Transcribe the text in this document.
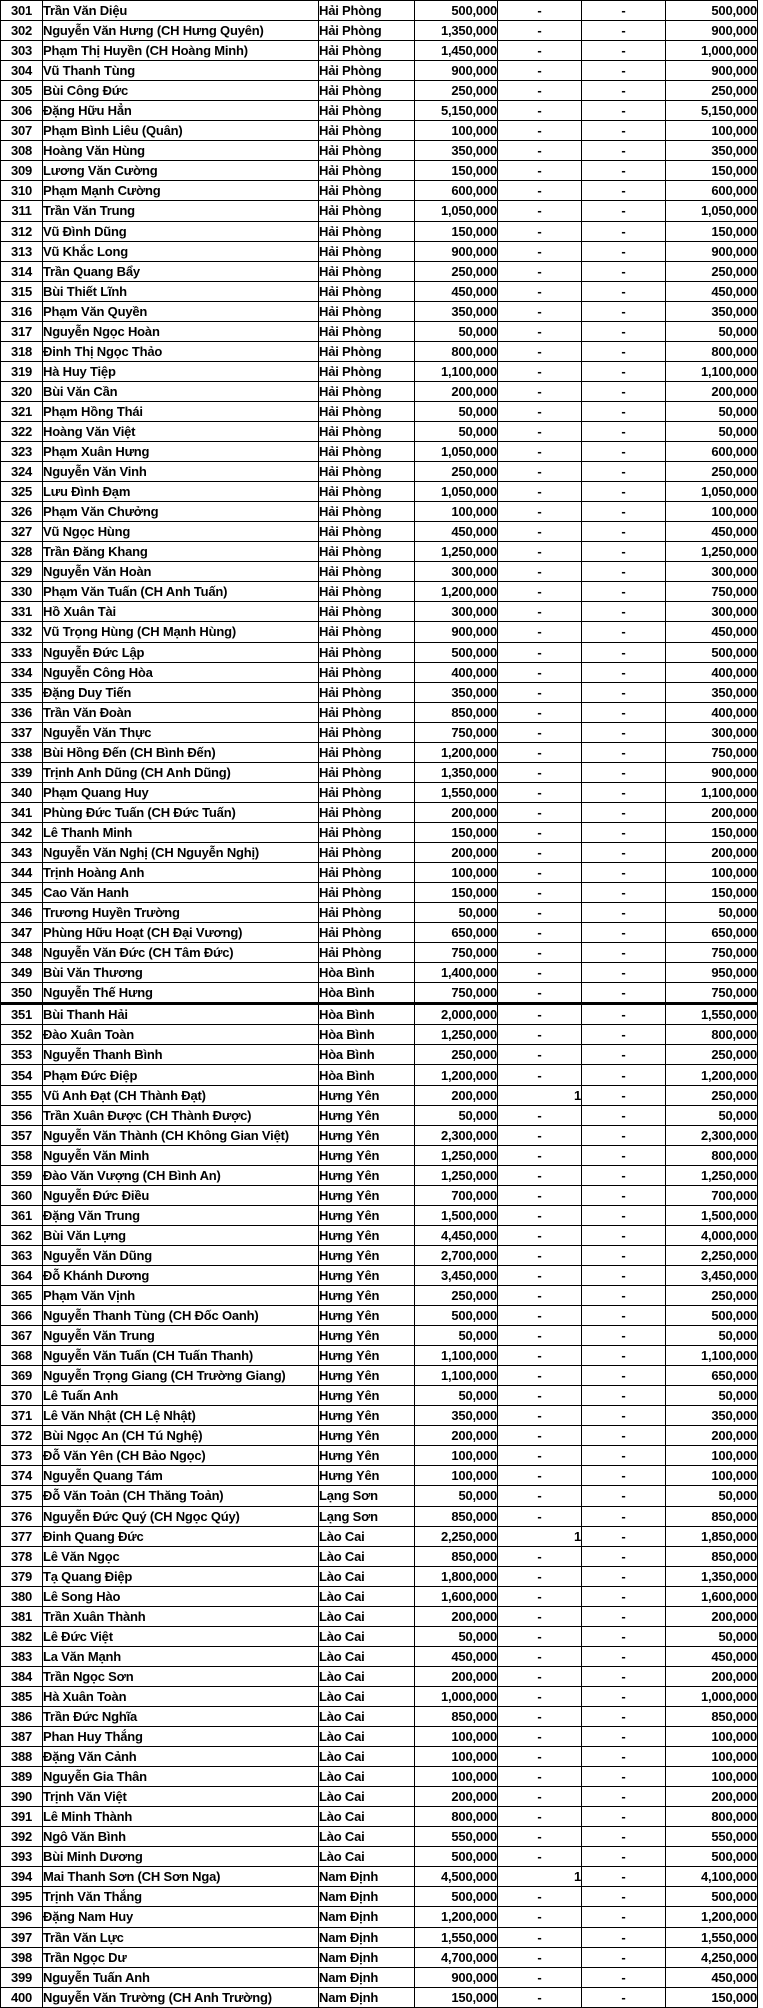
301	Trần Văn Diệu	Hải Phòng	500,000	-	-	500,000
302	Nguyễn Văn Hưng (CH Hưng Quyên)	Hải Phòng	1,350,000	-	-	900,000
303	Phạm Thị Huyền (CH Hoàng Minh)	Hải Phòng	1,450,000	-	-	1,000,000
304	Vũ Thanh Tùng	Hải Phòng	900,000	-	-	900,000
305	Bùi Công Đức	Hải Phòng	250,000	-	-	250,000
306	Đặng Hữu Hẳn	Hải Phòng	5,150,000	-	-	5,150,000
307	Phạm Bình Liêu (Quân)	Hải Phòng	100,000	-	-	100,000
308	Hoàng Văn Hùng	Hải Phòng	350,000	-	-	350,000
309	Lương Văn Cường	Hải Phòng	150,000	-	-	150,000
310	Phạm Mạnh Cường	Hải Phòng	600,000	-	-	600,000
311	Trần Văn Trung	Hải Phòng	1,050,000	-	-	1,050,000
312	Vũ Đình Dũng	Hải Phòng	150,000	-	-	150,000
313	Vũ Khắc Long	Hải Phòng	900,000	-	-	900,000
314	Trần Quang Bẩy	Hải Phòng	250,000	-	-	250,000
315	Bùi Thiết Lĩnh	Hải Phòng	450,000	-	-	450,000
316	Phạm Văn Quyền	Hải Phòng	350,000	-	-	350,000
317	Nguyễn Ngọc Hoàn	Hải Phòng	50,000	-	-	50,000
318	Đinh Thị Ngọc Thảo	Hải Phòng	800,000	-	-	800,000
319	Hà Huy Tiệp	Hải Phòng	1,100,000	-	-	1,100,000
320	Bùi Văn Cần	Hải Phòng	200,000	-	-	200,000
321	Phạm Hồng Thái	Hải Phòng	50,000	-	-	50,000
322	Hoàng Văn Việt	Hải Phòng	50,000	-	-	50,000
323	Phạm Xuân Hưng	Hải Phòng	1,050,000	-	-	600,000
324	Nguyễn Văn Vinh	Hải Phòng	250,000	-	-	250,000
325	Lưu Đình Đạm	Hải Phòng	1,050,000	-	-	1,050,000
326	Phạm Văn Chưởng	Hải Phòng	100,000	-	-	100,000
327	Vũ Ngọc Hùng	Hải Phòng	450,000	-	-	450,000
328	Trần Đăng Khang	Hải Phòng	1,250,000	-	-	1,250,000
329	Nguyễn Văn Hoàn	Hải Phòng	300,000	-	-	300,000
330	Phạm Văn Tuấn (CH Anh Tuấn)	Hải Phòng	1,200,000	-	-	750,000
331	Hồ Xuân Tài	Hải Phòng	300,000	-	-	300,000
332	Vũ Trọng Hùng (CH Mạnh Hùng)	Hải Phòng	900,000	-	-	450,000
333	Nguyễn Đức Lập	Hải Phòng	500,000	-	-	500,000
334	Nguyễn Công Hòa	Hải Phòng	400,000	-	-	400,000
335	Đặng Duy Tiến	Hải Phòng	350,000	-	-	350,000
336	Trần Văn Đoàn	Hải Phòng	850,000	-	-	400,000
337	Nguyễn Văn Thực	Hải Phòng	750,000	-	-	300,000
338	Bùi Hồng Đến (CH Bình Đến)	Hải Phòng	1,200,000	-	-	750,000
339	Trịnh Anh Dũng (CH Anh Dũng)	Hải Phòng	1,350,000	-	-	900,000
340	Phạm Quang Huy	Hải Phòng	1,550,000	-	-	1,100,000
341	Phùng Đức Tuấn (CH Đức Tuấn)	Hải Phòng	200,000	-	-	200,000
342	Lê Thanh Minh	Hải Phòng	150,000	-	-	150,000
343	Nguyễn Văn Nghị (CH Nguyễn Nghị)	Hải Phòng	200,000	-	-	200,000
344	Trịnh Hoàng Anh	Hải Phòng	100,000	-	-	100,000
345	Cao Văn Hanh	Hải Phòng	150,000	-	-	150,000
346	Trương Huyền Trường	Hải Phòng	50,000	-	-	50,000
347	Phùng Hữu Hoạt (CH Đại Vương)	Hải Phòng	650,000	-	-	650,000
348	Nguyễn Văn Đức (CH Tâm Đức)	Hải Phòng	750,000	-	-	750,000
349	Bùi Văn Thương	Hòa Bình	1,400,000	-	-	950,000
350	Nguyễn Thế Hưng	Hòa Bình	750,000	-	-	750,000
351	Bùi Thanh Hải	Hòa Bình	2,000,000	-	-	1,550,000
352	Đào Xuân Toàn	Hòa Bình	1,250,000	-	-	800,000
353	Nguyễn Thanh Bình	Hòa Bình	250,000	-	-	250,000
354	Phạm Đức Điệp	Hòa Bình	1,200,000	-	-	1,200,000
355	Vũ Anh Đạt (CH Thành Đạt)	Hưng Yên	200,000	1	-	250,000
356	Trần Xuân Được (CH Thành Được)	Hưng Yên	50,000	-	-	50,000
357	Nguyễn Văn Thành (CH Không Gian Việt)	Hưng Yên	2,300,000	-	-	2,300,000
358	Nguyễn Văn Minh	Hưng Yên	1,250,000	-	-	800,000
359	Đào Văn Vượng (CH Bình An)	Hưng Yên	1,250,000	-	-	1,250,000
360	Nguyễn Đức Điều	Hưng Yên	700,000	-	-	700,000
361	Đặng Văn Trung	Hưng Yên	1,500,000	-	-	1,500,000
362	Bùi Văn Lựng	Hưng Yên	4,450,000	-	-	4,000,000
363	Nguyễn Văn Dũng	Hưng Yên	2,700,000	-	-	2,250,000
364	Đỗ Khánh Dương	Hưng Yên	3,450,000	-	-	3,450,000
365	Phạm Văn Vịnh	Hưng Yên	250,000	-	-	250,000
366	Nguyễn Thanh Tùng (CH Đốc Oanh)	Hưng Yên	500,000	-	-	500,000
367	Nguyễn Văn Trung	Hưng Yên	50,000	-	-	50,000
368	Nguyễn Văn Tuấn (CH Tuấn Thanh)	Hưng Yên	1,100,000	-	-	1,100,000
369	Nguyễn Trọng Giang (CH Trường Giang)	Hưng Yên	1,100,000	-	-	650,000
370	Lê Tuấn Anh	Hưng Yên	50,000	-	-	50,000
371	Lê Văn Nhật (CH Lệ Nhật)	Hưng Yên	350,000	-	-	350,000
372	Bùi Ngọc An (CH Tú Nghệ)	Hưng Yên	200,000	-	-	200,000
373	Đỗ Văn Yên (CH Bảo Ngọc)	Hưng Yên	100,000	-	-	100,000
374	Nguyễn Quang Tám	Hưng Yên	100,000	-	-	100,000
375	Đỗ Văn Toản (CH Thăng Toản)	Lạng Sơn	50,000	-	-	50,000
376	Nguyễn Đức Quý (CH Ngọc Qúy)	Lạng Sơn	850,000	-	-	850,000
377	Đinh Quang Đức	Lào Cai	2,250,000	1	-	1,850,000
378	Lê Văn Ngọc	Lào Cai	850,000	-	-	850,000
379	Tạ Quang Điệp	Lào Cai	1,800,000	-	-	1,350,000
380	Lê Song Hào	Lào Cai	1,600,000	-	-	1,600,000
381	Trần Xuân Thành	Lào Cai	200,000	-	-	200,000
382	Lê Đức Việt	Lào Cai	50,000	-	-	50,000
383	La Văn Mạnh	Lào Cai	450,000	-	-	450,000
384	Trần Ngọc Sơn	Lào Cai	200,000	-	-	200,000
385	Hà Xuân Toàn	Lào Cai	1,000,000	-	-	1,000,000
386	Trần Đức Nghĩa	Lào Cai	850,000	-	-	850,000
387	Phan Huy Thắng	Lào Cai	100,000	-	-	100,000
388	Đặng Văn Cảnh	Lào Cai	100,000	-	-	100,000
389	Nguyễn Gia Thân	Lào Cai	100,000	-	-	100,000
390	Trịnh Văn Việt	Lào Cai	200,000	-	-	200,000
391	Lê Minh Thành	Lào Cai	800,000	-	-	800,000
392	Ngô Văn Bình	Lào Cai	550,000	-	-	550,000
393	Bùi Minh Dương	Lào Cai	500,000	-	-	500,000
394	Mai Thanh Sơn (CH Sơn Nga)	Nam Định	4,500,000	1	-	4,100,000
395	Trịnh Văn Thắng	Nam Định	500,000	-	-	500,000
396	Đặng Nam Huy	Nam Định	1,200,000	-	-	1,200,000
397	Trần Văn Lực	Nam Định	1,550,000	-	-	1,550,000
398	Trần Ngọc Dư	Nam Định	4,700,000	-	-	4,250,000
399	Nguyễn Tuấn Anh	Nam Định	900,000	-	-	450,000
400	Nguyễn Văn Trường (CH Anh Trường)	Nam Định	150,000	-	-	150,000
